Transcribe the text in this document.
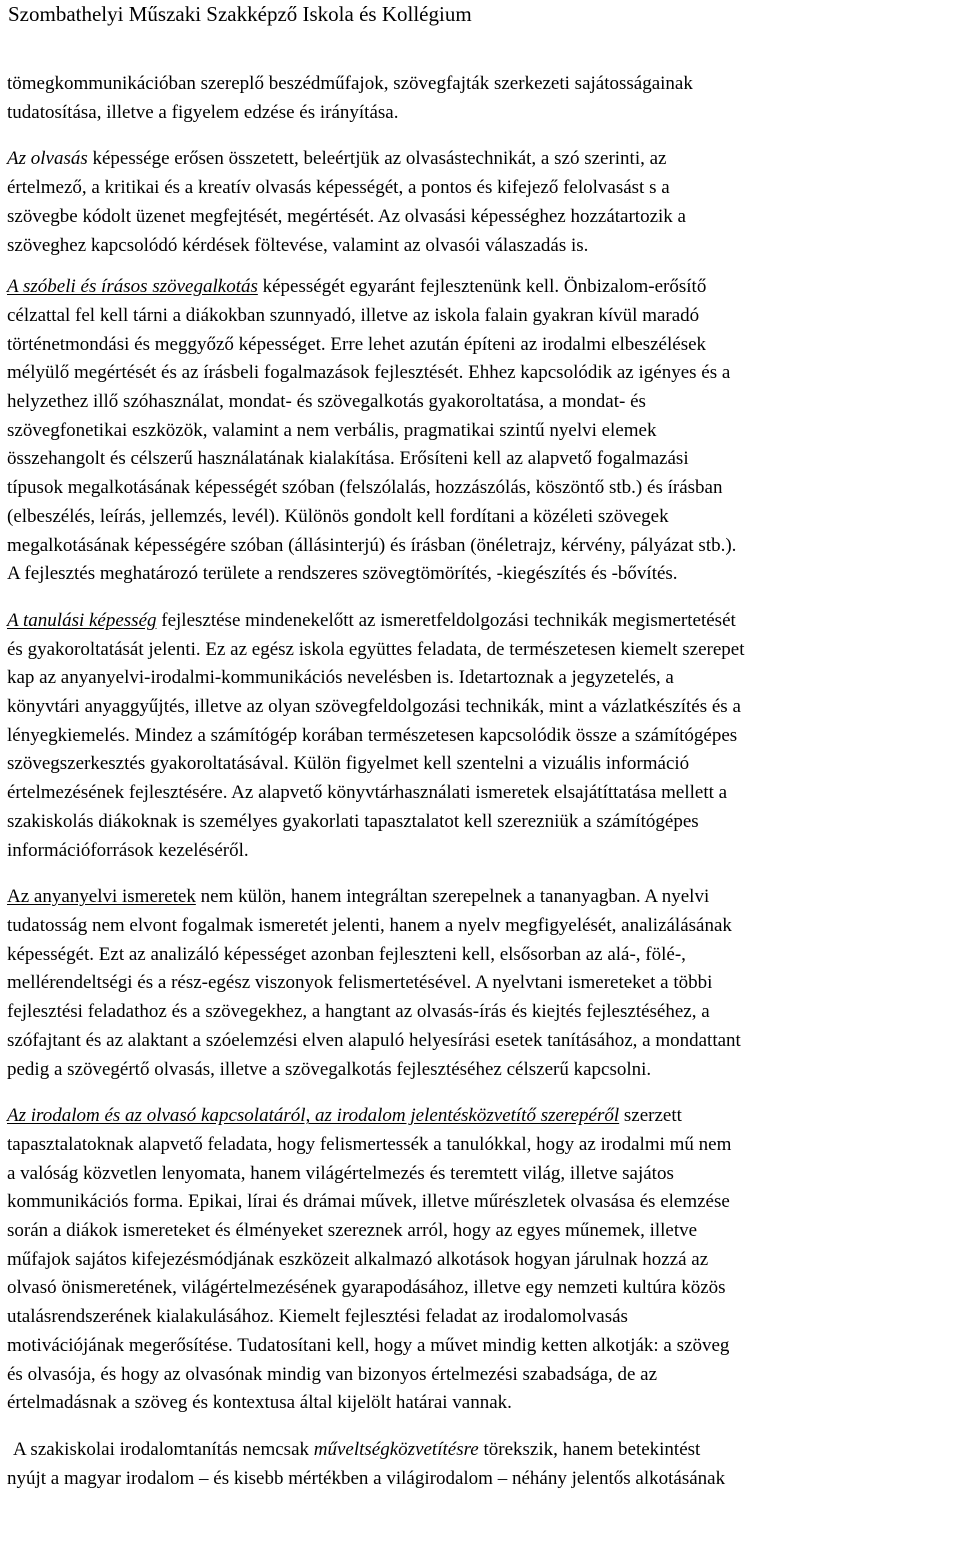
Szombathelyi Műszaki Szakképző Iskola és Kollégium

tömegkommunikációban szereplő beszédműfajok, szövegfajták szerkezeti sajátosságainak
tudatosítása, illetve a figyelem edzése és irányítása.

Az olvasás képessége erősen összetett, beleértjük az olvasástechnikát, a szó szerinti, az
értelmező, a kritikai és a kreatív olvasás képességét, a pontos és kifejező felolvasást s a
szövegbe kódolt üzenet megfejtését, megértését. Az olvasási képességhez hozzátartozik a
szöveghez kapcsolódó kérdések föltevése, valamint az olvasói válaszadás is.

A szóbeli és írásos szövegalkotás képességét egyaránt fejlesztenünk kell. Önbizalom-erősítő
célzattal fel kell tárni a diákokban szunnyadó, illetve az iskola falain gyakran kívül maradó
történetmondási és meggyőző képességet. Erre lehet azután építeni az irodalmi elbeszélések
mélyülő megértését és az írásbeli fogalmazások fejlesztését. Ehhez kapcsolódik az igényes és a
helyzethez illő szóhasználat, mondat- és szövegalkotás gyakoroltatása, a mondat- és
szövegfonetikai eszközök, valamint a nem verbális, pragmatikai szintű nyelvi elemek
összehangolt és célszerű használatának kialakítása. Erősíteni kell az alapvető fogalmazási
típusok megalkotásának képességét szóban (felszólalás, hozzászólás, köszöntő stb.) és írásban
(elbeszélés, leírás, jellemzés, levél). Különös gondolt kell fordítani a közéleti szövegek
megalkotásának képességére szóban (állásinterjú) és írásban (önéletrajz, kérvény, pályázat stb.).
A fejlesztés meghatározó területe a rendszeres szövegtömörítés, -kiegészítés és -bővítés.

A tanulási képesség fejlesztése mindenekelőtt az ismeretfeldolgozási technikák megismertetését
és gyakoroltatását jelenti. Ez az egész iskola együttes feladata, de természetesen kiemelt szerepet
kap az anyanyelvi-irodalmi-kommunikációs nevelésben is. Idetartoznak a jegyzetelés, a
könyvtári anyaggyűjtés, illetve az olyan szövegfeldolgozási technikák, mint a vázlatkészítés és a
lényegkiemelés. Mindez a számítógép korában természetesen kapcsolódik össze a számítógépes
szövegszerkesztés gyakoroltatásával. Külön figyelmet kell szentelni a vizuális információ
értelmezésének fejlesztésére. Az alapvető könyvtárhasználati ismeretek elsajátíttatása mellett a
szakiskolás diákoknak is személyes gyakorlati tapasztalatot kell szerezniük a számítógépes
információforrások kezeléséről.

Az anyanyelvi ismeretek nem külön, hanem integráltan szerepelnek a tananyagban. A nyelvi
tudatosság nem elvont fogalmak ismeretét jelenti, hanem a nyelv megfigyelését, analizálásának
képességét. Ezt az analizáló képességet azonban fejleszteni kell, elsősorban az alá-, fölé-,
mellérendeltségi és a rész-egész viszonyok felismertetésével. A nyelvtani ismereteket a többi
fejlesztési feladathoz és a szövegekhez, a hangtant az olvasás-írás és kiejtés fejlesztéséhez, a
szófajtant és az alaktant a szóelemzési elven alapuló helyesírási esetek tanításához, a mondattant
pedig a szövegértő olvasás, illetve a szövegalkotás fejlesztéséhez célszerű kapcsolni.

Az irodalom és az olvasó kapcsolatáról, az irodalom jelentésközvetítő szerepéről szerzett
tapasztalatoknak alapvető feladata, hogy felismertessék a tanulókkal, hogy az irodalmi mű nem
a valóság közvetlen lenyomata, hanem világértelmezés és teremtett világ, illetve sajátos
kommunikációs forma. Epikai, lírai és drámai művek, illetve műrészletek olvasása és elemzése
során a diákok ismereteket és élményeket szereznek arról, hogy az egyes műnemek, illetve
műfajok sajátos kifejezésmódjának eszközeit alkalmazó alkotások hogyan járulnak hozzá az
olvasó önismeretének, világértelmezésének gyarapodásához, illetve egy nemzeti kultúra közös
utalásrendszerének kialakulásához. Kiemelt fejlesztési feladat az irodalomolvasás
motivációjának megerősítése. Tudatosítani kell, hogy a művet mindig ketten alkotják: a szöveg
és olvasója, és hogy az olvasónak mindig van bizonyos értelmezési szabadsága, de az
értelmadásnak a szöveg és kontextusa által kijelölt határai vannak.

A szakiskolai irodalomtanítás nemcsak műveltségközvetítésre törekszik, hanem betekintést
nyújt a magyar irodalom – és kisebb mértékben a világirodalom – néhány jelentős alkotásának
